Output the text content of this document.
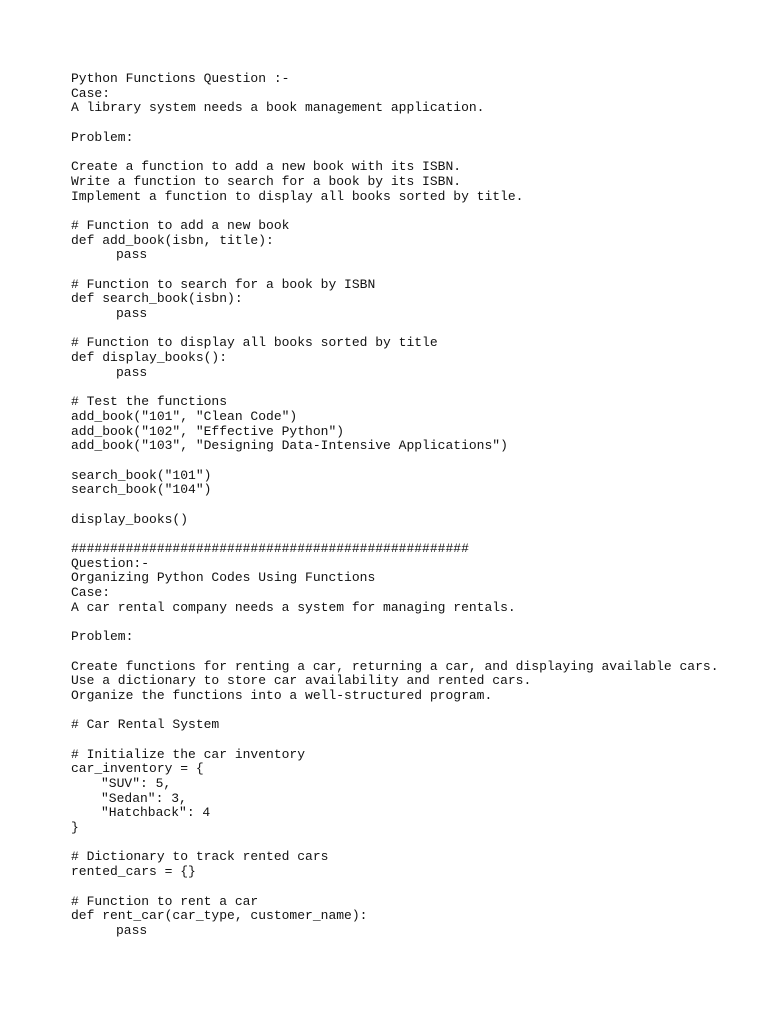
Python Functions Question :-
Case:
A library system needs a book management application.
Problem:
Create a function to add a new book with its ISBN.
Write a function to search for a book by its ISBN.
Implement a function to display all books sorted by title.
# Function to add a new book
def add_book(isbn, title):
pass
# Function to search for a book by ISBN
def search_book(isbn):
pass
# Function to display all books sorted by title
def display_books():
pass
# Test the functions
add_book("101", "Clean Code")
add_book("102", "Effective Python")
add_book("103", "Designing Data-Intensive Applications")
search_book("101")
search_book("104")
display_books()
###################################################
Question:-
Organizing Python Codes Using Functions
Case:
A car rental company needs a system for managing rentals.
Problem:
Create functions for renting a car, returning a car, and displaying available cars.
Use a dictionary to store car availability and rented cars.
Organize the functions into a well-structured program.
# Car Rental System
# Initialize the car inventory
car_inventory = {
"SUV": 5,
"Sedan": 3,
"Hatchback": 4
}
# Dictionary to track rented cars
rented_cars = {}
# Function to rent a car
def rent_car(car_type, customer_name):
pass
